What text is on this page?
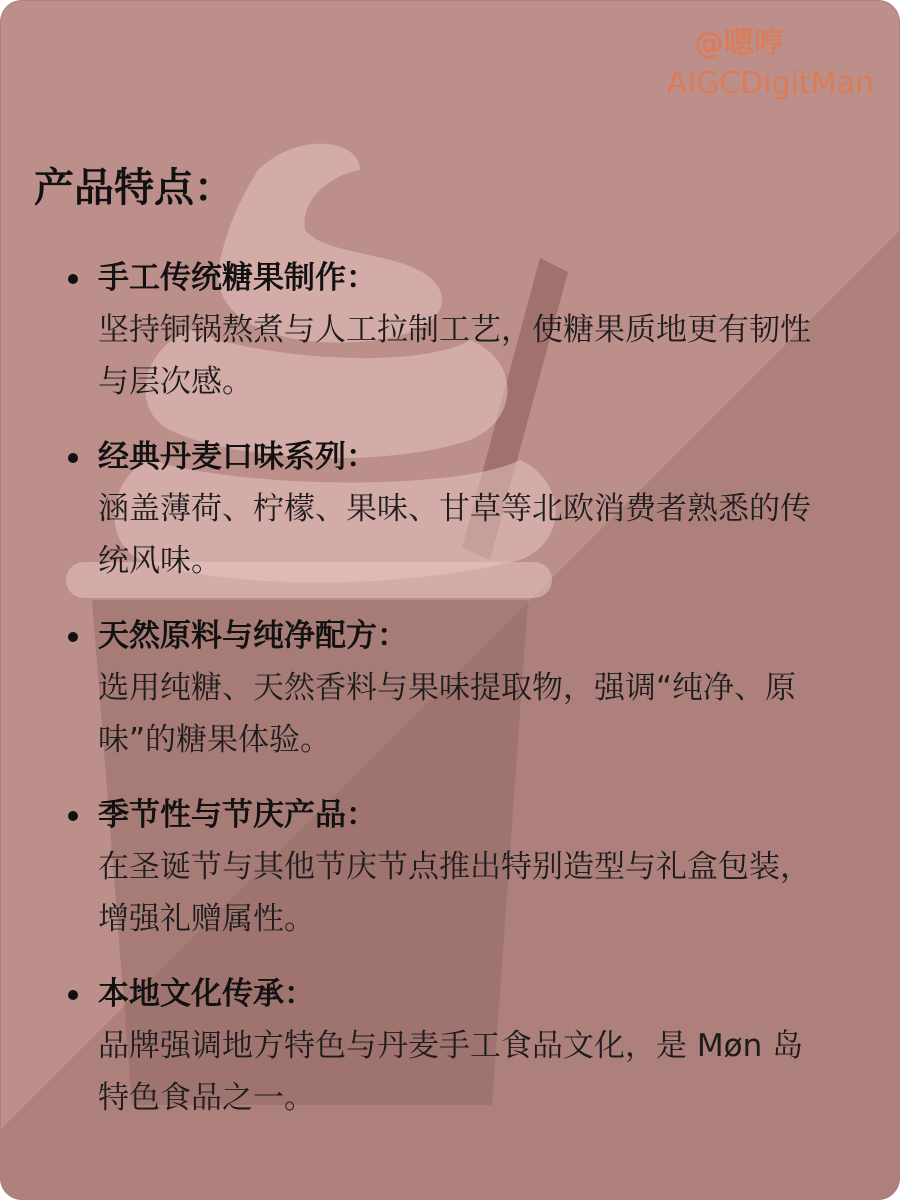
@嗯哼
AIGCDigitMan
产品特点：
手工传统糖果制作：
坚持铜锅熬煮与人工拉制工艺，使糖果质地更有韧性与层次感。
经典丹麦口味系列：
涵盖薄荷、柠檬、果味、甘草等北欧消费者熟悉的传统风味。
天然原料与纯净配方：
选用纯糖、天然香料与果味提取物，强调“纯净、原味”的糖果体验。
季节性与节庆产品：
在圣诞节与其他节庆节点推出特别造型与礼盒包装，增强礼赠属性。
本地文化传承：
品牌强调地方特色与丹麦手工食品文化，是 Møn 岛特色食品之一。
